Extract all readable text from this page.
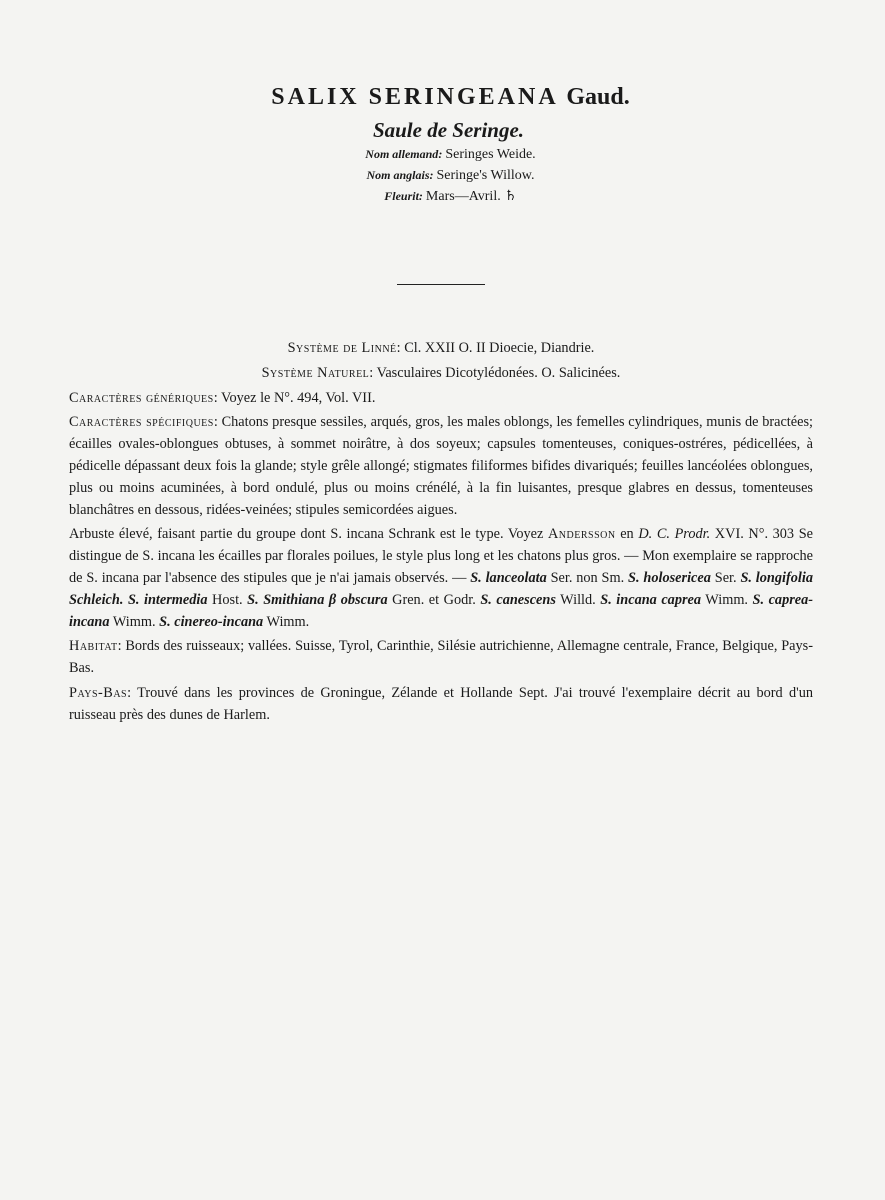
SALIX SERINGEANA Gaud.
Saule de Seringe.
Nom allemand: Seringes Weide.
Nom anglais: Seringe's Willow.
Fleurit: Mars—Avril. ♄

Système de Linné: Cl. XXII O. II Dioecie, Diandrie.

Système Naturel: Vasculaires Dicotylédonées. O. Salicinées.

Caractères génériques: Voyez le N°. 494, Vol. VII.

Caractères spécifiques: Chatons presque sessiles, arqués, gros, les males oblongs, les femelles cylindriques, munis de bractées; écailles ovales-oblongues obtuses, à sommet noirâtre, à dos soyeux; capsules tomenteuses, coniques-ostréres, pédicellées, à pédicelle dépassant deux fois la glande; style grêle allongé; stigmates filiformes bifides divariqués; feuilles lancéolées oblongues, plus ou moins acuminées, à bord ondulé, plus ou moins crénélé, à la fin luisantes, presque glabres en dessus, tomenteuses blanchâtres en dessous, ridées-veinées; stipules semicordées aigues.

Arbuste élevé, faisant partie du groupe dont S. incana Schrank est le type. Voyez Andersson en D. C. Prodr. XVI. N°. 303 Se distingue de S. incana les écailles par florales poilues, le style plus long et les chatons plus gros. — Mon exemplaire se rapproche de S. incana par l'absence des stipules que je n'ai jamais observés. — S. lanceolata Ser. non Sm. S. holosericea Ser. S. longifolia Schleich. S. intermedia Host. S. Smithiana β obscura Gren. et Godr. S. canescens Willd. S. incana caprea Wimm. S. caprea-incana Wimm. S. cinereo-incana Wimm.

Habitat: Bords des ruisseaux; vallées. Suisse, Tyrol, Carinthie, Silésie autrichienne, Allemagne centrale, France, Belgique, Pays-Bas.

Pays-Bas: Trouvé dans les provinces de Groningue, Zélande et Hollande Sept. J'ai trouvé l'exemplaire décrit au bord d'un ruisseau près des dunes de Harlem.
